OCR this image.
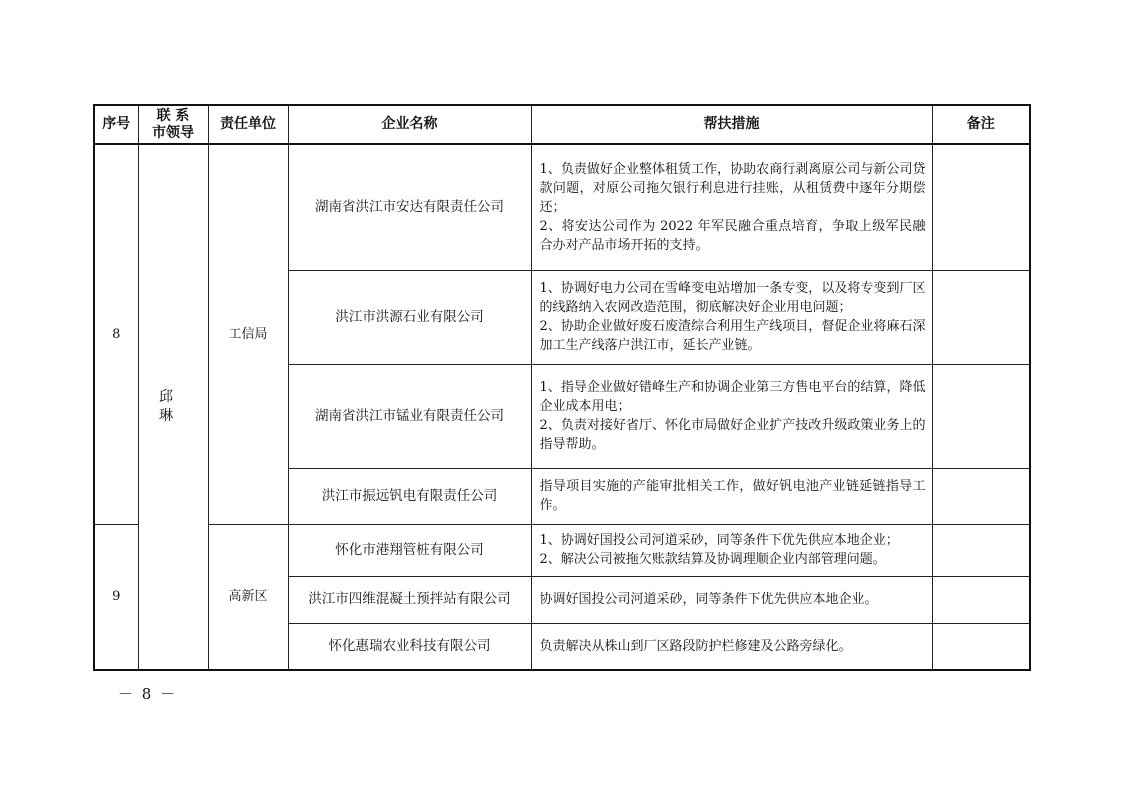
序号	联 系 市领导	责任单位	企业名称	帮扶措施	备注
8	邱 琳	工信局	湖南省洪江市安达有限责任公司	1、负责做好企业整体租赁工作，协助农商行剥离原公司与新公司贷款问题，对原公司拖欠银行利息进行挂账，从租赁费中逐年分期偿还；
2、将安达公司作为 2022 年军民融合重点培育，争取上级军民融合办对产品市场开拓的支持。	

			洪江市洪源石业有限公司	1、协调好电力公司在雪峰变电站增加一条专变，以及将专变到厂区的线路纳入农网改造范围，彻底解决好企业用电问题；
2、协助企业做好废石废渣综合利用生产线项目，督促企业将麻石深加工生产线落户洪江市，延长产业链。	

			湖南省洪江市锰业有限责任公司	1、指导企业做好错峰生产和协调企业第三方售电平台的结算，降低企业成本用电；
2、负责对接好省厅、怀化市局做好企业扩产技改升级政策业务上的指导帮助。	

			洪江市振远钒电有限责任公司	指导项目实施的产能审批相关工作，做好钒电池产业链延链指导工作。	

9		高新区	怀化市港翔管桩有限公司	1、协调好国投公司河道采砂，同等条件下优先供应本地企业；
2、解决公司被拖欠账款结算及协调理顺企业内部管理问题。	

			洪江市四维混凝土预拌站有限公司	协调好国投公司河道采砂，同等条件下优先供应本地企业。	

			怀化惠瑞农业科技有限公司	负责解决从株山到厂区路段防护栏修建及公路旁绿化。	

－ 8 －
